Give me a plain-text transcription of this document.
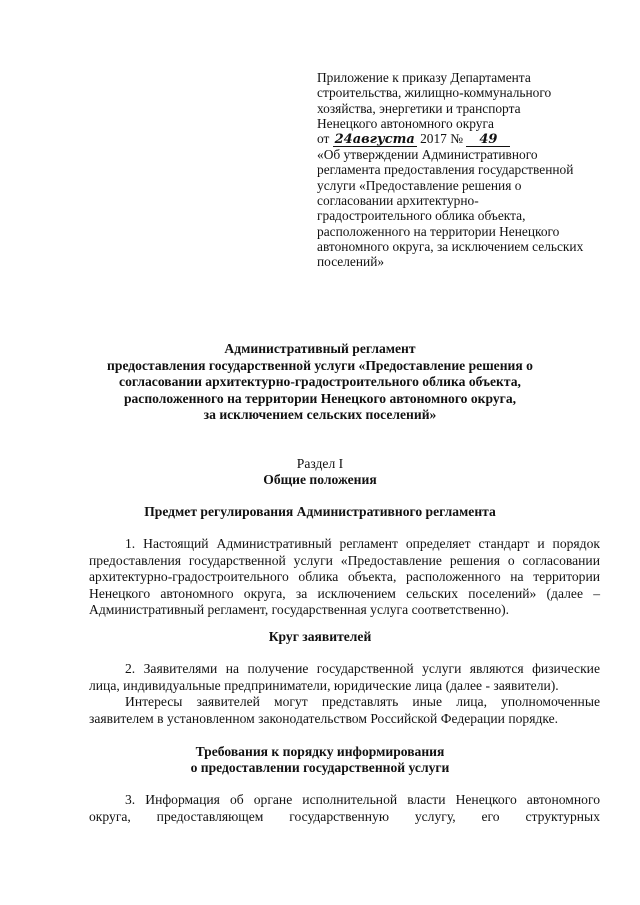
Приложение к приказу Департамента
строительства, жилищно-коммунального
хозяйства, энергетики и транспорта
Ненецкого автономного округа
от 24августа 2017 № 49
«Об утверждении Административного
регламента предоставления государственной
услуги «Предоставление решения о
согласовании архитектурно-
градостроительного облика объекта,
расположенного на территории Ненецкого
автономного округа, за исключением сельских
поселений»
Административный регламент
предоставления государственной услуги «Предоставление решения о
согласовании архитектурно-градостроительного облика объекта,
расположенного на территории Ненецкого автономного округа,
за исключением сельских поселений»
Раздел I
Общие положения
Предмет регулирования Административного регламента
1. Настоящий Административный регламент определяет стандарт и порядок
предоставления государственной услуги «Предоставление решения о согласовании
архитектурно-градостроительного облика объекта, расположенного на территории
Ненецкого автономного округа, за исключением сельских поселений» (далее –
Административный регламент, государственная услуга соответственно).
Круг заявителей
2. Заявителями на получение государственной услуги являются физические
лица, индивидуальные предприниматели, юридические лица (далее - заявители).
Интересы заявителей могут представлять иные лица, уполномоченные
заявителем в установленном законодательством Российской Федерации порядке.
Требования к порядку информирования
о предоставлении государственной услуги
3. Информация об органе исполнительной власти Ненецкого автономного
округа, предоставляющем государственную услугу, его структурных
